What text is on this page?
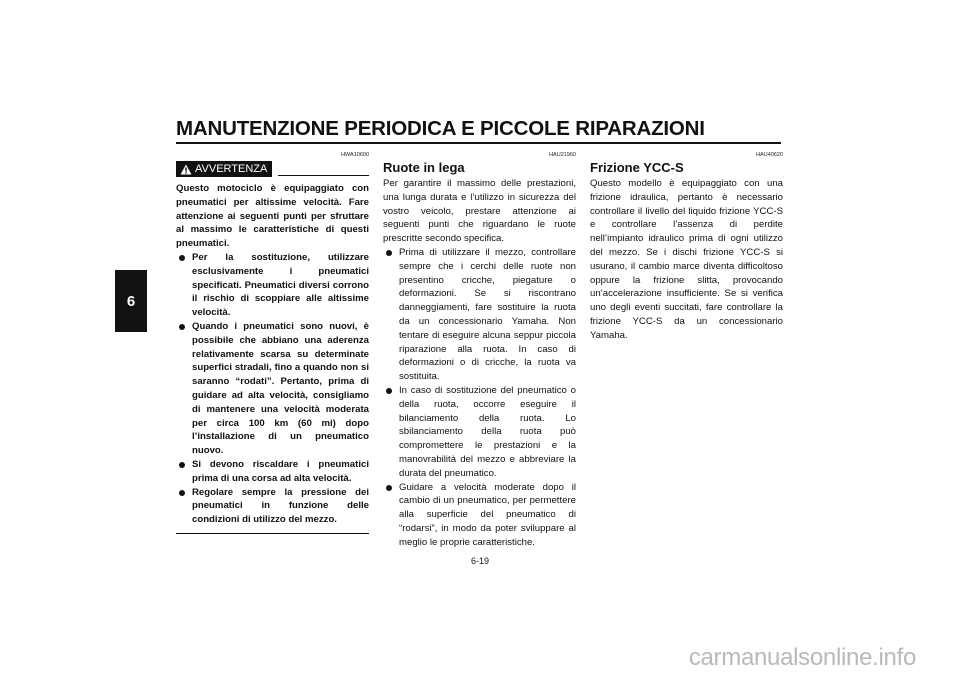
MANUTENZIONE PERIODICA E PICCOLE RIPARAZIONI
6
HWA10600
AVVERTENZA

Questo motociclo è equipaggiato con pneumatici per altissime velocità. Fare attenzione ai seguenti punti per sfruttare al massimo le caratteristiche di questi pneumatici.

Per la sostituzione, utilizzare esclusivamente i pneumatici specificati. Pneumatici diversi corrono il rischio di scoppiare alle altissime velocità.
Quando i pneumatici sono nuovi, è possibile che abbiano una aderenza relativamente scarsa su determinate superfici stradali, fino a quando non si saranno “rodati”. Pertanto, prima di guidare ad alta velocità, consigliamo di mantenere una velocità moderata per circa 100 km (60 mi) dopo l’installazione di un pneumatico nuovo.
Si devono riscaldare i pneumatici prima di una corsa ad alta velocità.
Regolare sempre la pressione dei pneumatici in funzione delle condizioni di utilizzo del mezzo.
HAU21960
Ruote in lega

Per garantire il massimo delle prestazioni, una lunga durata e l’utilizzo in sicurezza del vostro veicolo, prestare attenzione ai seguenti punti che riguardano le ruote prescritte secondo specifica.

Prima di utilizzare il mezzo, controllare sempre che i cerchi delle ruote non presentino cricche, piegature o deformazioni. Se si riscontrano danneggiamenti, fare sostituire la ruota da un concessionario Yamaha. Non tentare di eseguire alcuna seppur piccola riparazione alla ruota. In caso di deformazioni o di cricche, la ruota va sostituita.
In caso di sostituzione del pneumatico o della ruota, occorre eseguire il bilanciamento della ruota. Lo sbilanciamento della ruota può compromettere le prestazioni e la manovrabilità del mezzo e abbreviare la durata del pneumatico.
Guidare a velocità moderate dopo il cambio di un pneumatico, per permettere alla superficie del pneumatico di “rodarsi”, in modo da poter sviluppare al meglio le proprie caratteristiche.
HAU40620
Frizione YCC-S

Questo modello è equipaggiato con una frizione idraulica, pertanto è necessario controllare il livello del liquido frizione YCC-S e controllare l’assenza di perdite nell’impianto idraulico prima di ogni utilizzo del mezzo. Se i dischi frizione YCC-S si usurano, il cambio marce diventa difficoltoso oppure la frizione slitta, provocando un’accelerazione insufficiente. Se si verifica uno degli eventi succitati, fare controllare la frizione YCC-S da un concessionario Yamaha.

6-19
carmanualsonline.info
